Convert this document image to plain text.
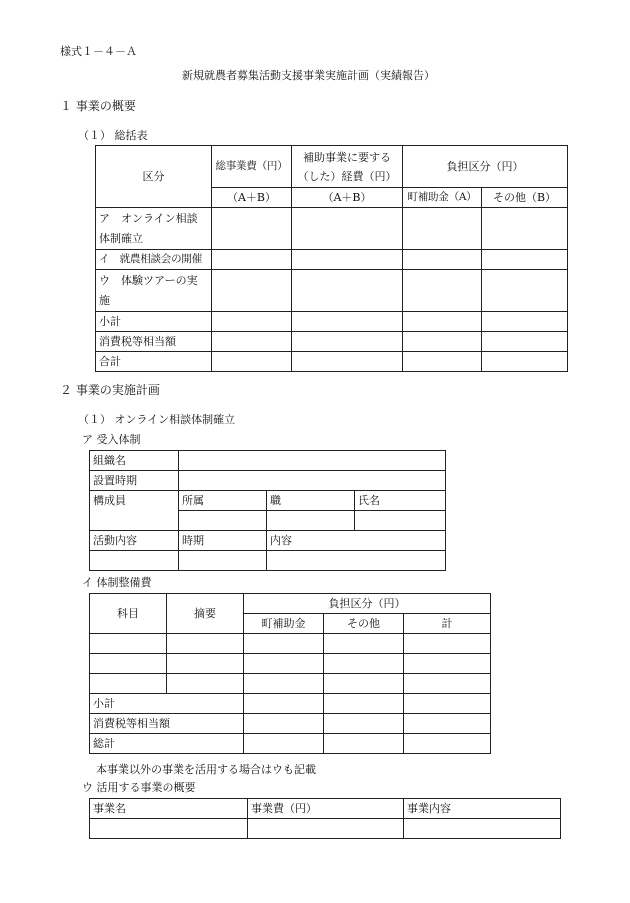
様式１－４－Ａ
新規就農者募集活動支援事業実施計画（実績報告）
１ 事業の概要
（１） 総括表
区分	総事業費（円）	補助事業に要する
（した）経費（円）	負担区分（円）	
	（A＋B）	（A＋B）	町補助金（A）	その他（B）
ア　オンライン相談
体制確立				
イ　就農相談会の開催				
ウ　体験ツアーの実
施				
小計				
消費税等相当額				
合計				
２ 事業の実施計画
（１） オンライン相談体制確立
ア 受入体制
組織名			
設置時期			
構成員	所属	職	氏名

活動内容	時期	内容	

イ 体制整備費
科目	摘要	負担区分（円）		
		町補助金	その他	計

小計				
消費税等相当額				
総計				
本事業以外の事業を活用する場合はウも記載
ウ 活用する事業の概要
事業名	事業費（円）	事業内容
